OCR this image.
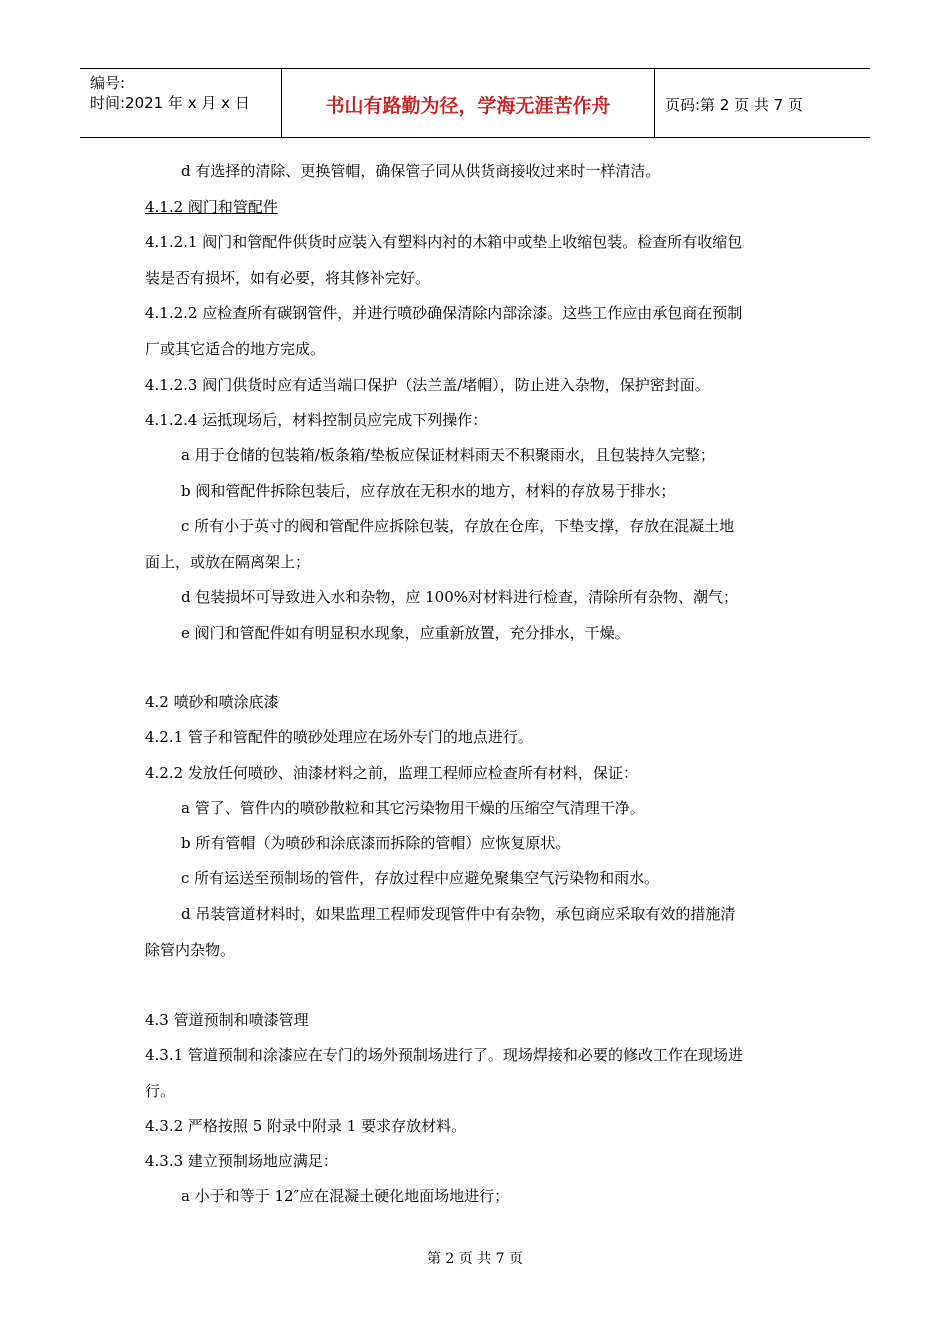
编号:
时间:2021 年 x 月 x 日	书山有路勤为径，学海无涯苦作舟	页码:第 2 页 共 7 页
d 有选择的清除、更换管帽，确保管子同从供货商接收过来时一样清洁。
4.1.2 阀门和管配件
4.1.2.1 阀门和管配件供货时应装入有塑料内衬的木箱中或垫上收缩包装。检查所有收缩包
装是否有损坏，如有必要，将其修补完好。
4.1.2.2 应检查所有碳钢管件，并进行喷砂确保清除内部涂漆。这些工作应由承包商在预制
厂或其它适合的地方完成。
4.1.2.3 阀门供货时应有适当端口保护（法兰盖/堵帽），防止进入杂物，保护密封面。
4.1.2.4 运抵现场后，材料控制员应完成下列操作：
a 用于仓储的包装箱/板条箱/垫板应保证材料雨天不积聚雨水，且包装持久完整；
b 阀和管配件拆除包装后，应存放在无积水的地方，材料的存放易于排水；
c 所有小于英寸的阀和管配件应拆除包装，存放在仓库，下垫支撑，存放在混凝土地
面上，或放在隔离架上；
d 包装损坏可导致进入水和杂物，应 100%对材料进行检查，清除所有杂物、潮气；
e 阀门和管配件如有明显积水现象，应重新放置，充分排水，干燥。
4.2 喷砂和喷涂底漆
4.2.1 管子和管配件的喷砂处理应在场外专门的地点进行。
4.2.2 发放任何喷砂、油漆材料之前，监理工程师应检查所有材料，保证：
a 管了、管件内的喷砂散粒和其它污染物用干燥的压缩空气清理干净。
b 所有管帽（为喷砂和涂底漆而拆除的管帽）应恢复原状。
c 所有运送至预制场的管件，存放过程中应避免聚集空气污染物和雨水。
d 吊装管道材料时，如果监理工程师发现管件中有杂物，承包商应采取有效的措施清
除管内杂物。
4.3 管道预制和喷漆管理
4.3.1 管道预制和涂漆应在专门的场外预制场进行了。现场焊接和必要的修改工作在现场进
行。
4.3.2 严格按照 5 附录中附录 1 要求存放材料。
4.3.3 建立预制场地应满足：
a 小于和等于 12″应在混凝土硬化地面场地进行；
第 2 页 共 7 页
